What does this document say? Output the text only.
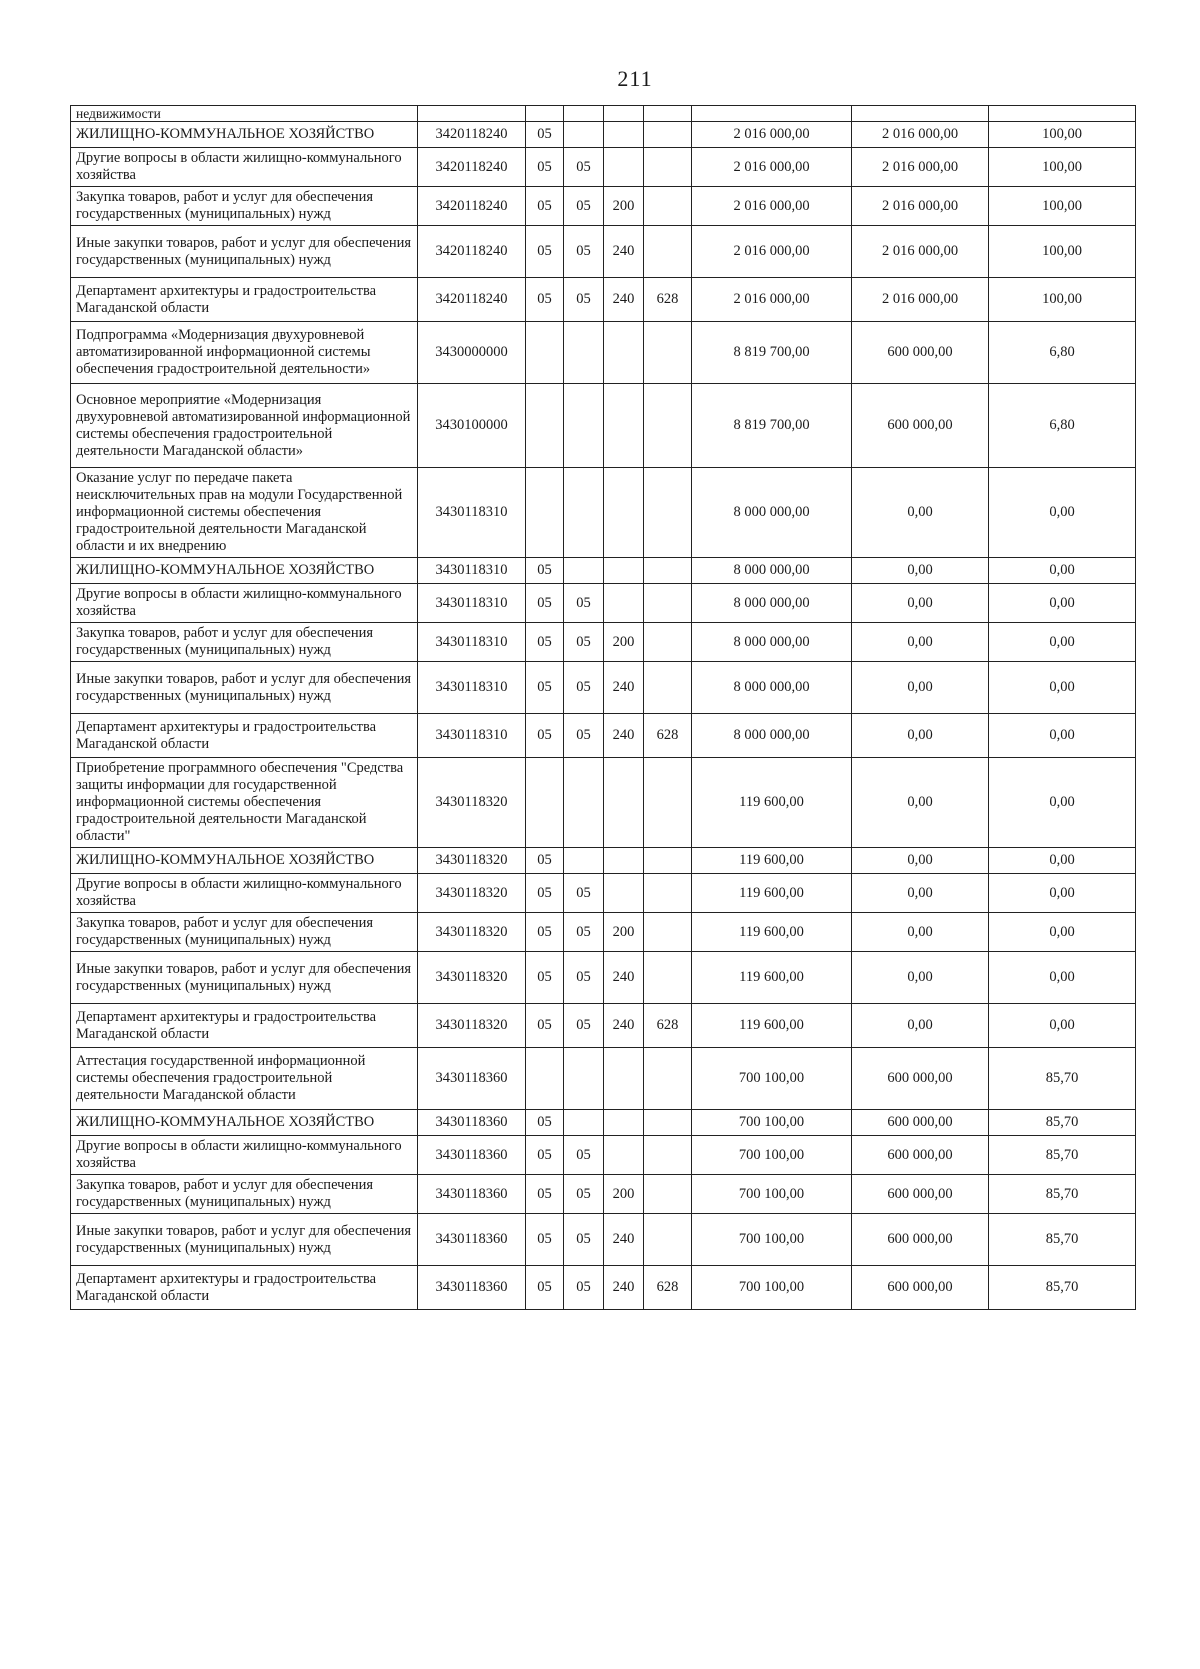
211
недвижимости								
ЖИЛИЩНО-КОММУНАЛЬНОЕ ХОЗЯЙСТВО	3420118240	05				2 016 000,00	2 016 000,00	100,00
Другие вопросы в области жилищно-коммунального хозяйства	3420118240	05	05			2 016 000,00	2 016 000,00	100,00
Закупка товаров, работ и услуг для обеспечения государственных (муниципальных) нужд	3420118240	05	05	200		2 016 000,00	2 016 000,00	100,00
Иные закупки товаров, работ и услуг для обеспечения государственных (муниципальных) нужд	3420118240	05	05	240		2 016 000,00	2 016 000,00	100,00
Департамент архитектуры и градостроительства Магаданской области	3420118240	05	05	240	628	2 016 000,00	2 016 000,00	100,00
Подпрограмма «Модернизация двухуровневой автоматизированной информационной системы обеспечения градостроительной деятельности»	3430000000					8 819 700,00	600 000,00	6,80
Основное мероприятие «Модернизация двухуровневой автоматизированной информационной системы обеспечения градостроительной деятельности Магаданской области»	3430100000					8 819 700,00	600 000,00	6,80
Оказание услуг по передаче пакета неисключительных прав на модули Государственной информационной системы обеспечения градостроительной деятельности Магаданской области и их внедрению	3430118310					8 000 000,00	0,00	0,00
ЖИЛИЩНО-КОММУНАЛЬНОЕ ХОЗЯЙСТВО	3430118310	05				8 000 000,00	0,00	0,00
Другие вопросы в области жилищно-коммунального хозяйства	3430118310	05	05			8 000 000,00	0,00	0,00
Закупка товаров, работ и услуг для обеспечения государственных (муниципальных) нужд	3430118310	05	05	200		8 000 000,00	0,00	0,00
Иные закупки товаров, работ и услуг для обеспечения государственных (муниципальных) нужд	3430118310	05	05	240		8 000 000,00	0,00	0,00
Департамент архитектуры и градостроительства Магаданской области	3430118310	05	05	240	628	8 000 000,00	0,00	0,00
Приобретение программного обеспечения "Средства защиты информации для государственной информационной системы обеспечения градостроительной деятельности Магаданской области"	3430118320					119 600,00	0,00	0,00
ЖИЛИЩНО-КОММУНАЛЬНОЕ ХОЗЯЙСТВО	3430118320	05				119 600,00	0,00	0,00
Другие вопросы в области жилищно-коммунального хозяйства	3430118320	05	05			119 600,00	0,00	0,00
Закупка товаров, работ и услуг для обеспечения государственных (муниципальных) нужд	3430118320	05	05	200		119 600,00	0,00	0,00
Иные закупки товаров, работ и услуг для обеспечения государственных (муниципальных) нужд	3430118320	05	05	240		119 600,00	0,00	0,00
Департамент архитектуры и градостроительства Магаданской области	3430118320	05	05	240	628	119 600,00	0,00	0,00
Аттестация государственной информационной системы обеспечения градостроительной деятельности Магаданской области	3430118360					700 100,00	600 000,00	85,70
ЖИЛИЩНО-КОММУНАЛЬНОЕ ХОЗЯЙСТВО	3430118360	05				700 100,00	600 000,00	85,70
Другие вопросы в области жилищно-коммунального хозяйства	3430118360	05	05			700 100,00	600 000,00	85,70
Закупка товаров, работ и услуг для обеспечения государственных (муниципальных) нужд	3430118360	05	05	200		700 100,00	600 000,00	85,70
Иные закупки товаров, работ и услуг для обеспечения государственных (муниципальных) нужд	3430118360	05	05	240		700 100,00	600 000,00	85,70
Департамент архитектуры и градостроительства Магаданской области	3430118360	05	05	240	628	700 100,00	600 000,00	85,70
